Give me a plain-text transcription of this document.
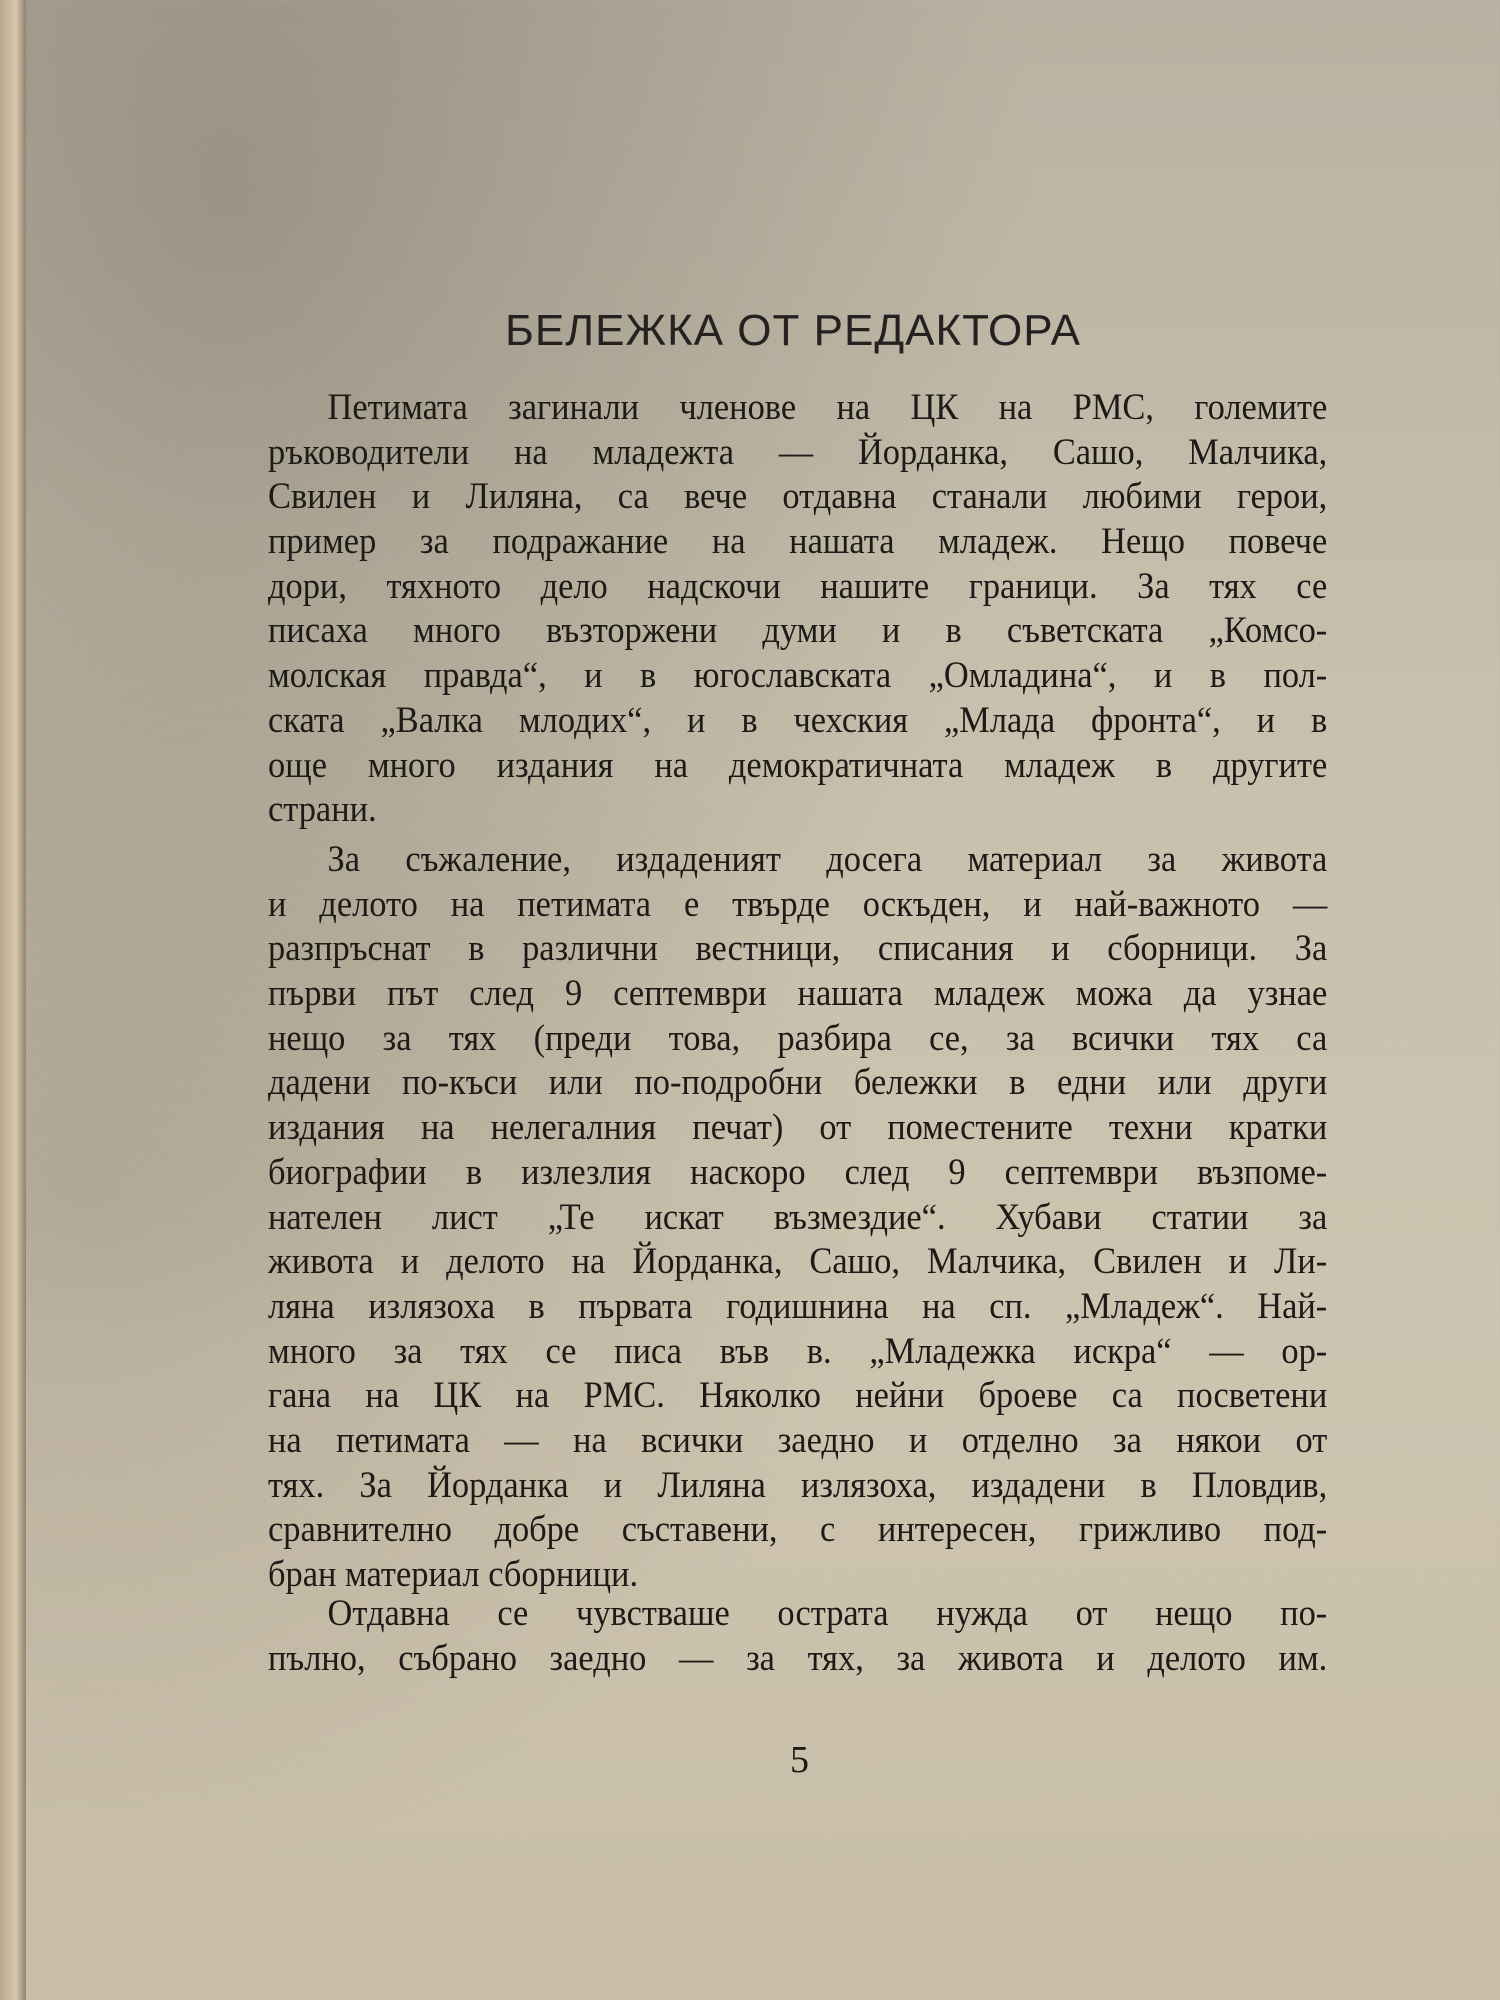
БЕЛЕЖКА ОТ РЕДАКТОРА
Петимата загинали членове на ЦК на РМС, големите
ръководители на младежта — Йорданка, Сашо, Малчика,
Свилен и Лиляна, са вече отдавна станали любими герои,
пример за подражание на нашата младеж. Нещо повече
дори, тяхното дело надскочи нашите граници. За тях се
писаха много възторжени думи и в съветската „Комсо-
молская правда“, и в югославската „Омладина“, и в пол-
ската „Валка млодих“, и в чехския „Млада фронта“, и в
още много издания на демократичната младеж в другите
страни.
За съжаление, издаденият досега материал за живота
и делото на петимата е твърде оскъден, и най-важното —
разпръснат в различни вестници, списания и сборници. За
първи път след 9 септември нашата младеж можа да узнае
нещо за тях (преди това, разбира се, за всички тях са
дадени по-къси или по-подробни бележки в едни или други
издания на нелегалния печат) от поместените техни кратки
биографии в излезлия наскоро след 9 септември възпоме-
нателен лист „Те искат възмездие“. Хубави статии за
живота и делото на Йорданка, Сашо, Малчика, Свилен и Ли-
ляна излязоха в първата годишнина на сп. „Младеж“. Най-
много за тях се писа във в. „Младежка искра“ — ор-
гана на ЦК на РМС. Няколко нейни броеве са посветени
на петимата — на всички заедно и отделно за някои от
тях. За Йорданка и Лиляна излязоха, издадени в Пловдив,
сравнително добре съставени, с интересен, грижливо под-
бран материал сборници.
Отдавна се чувстваше острата нужда от нещо по-
пълно, събрано заедно — за тях, за живота и делото им.
5
